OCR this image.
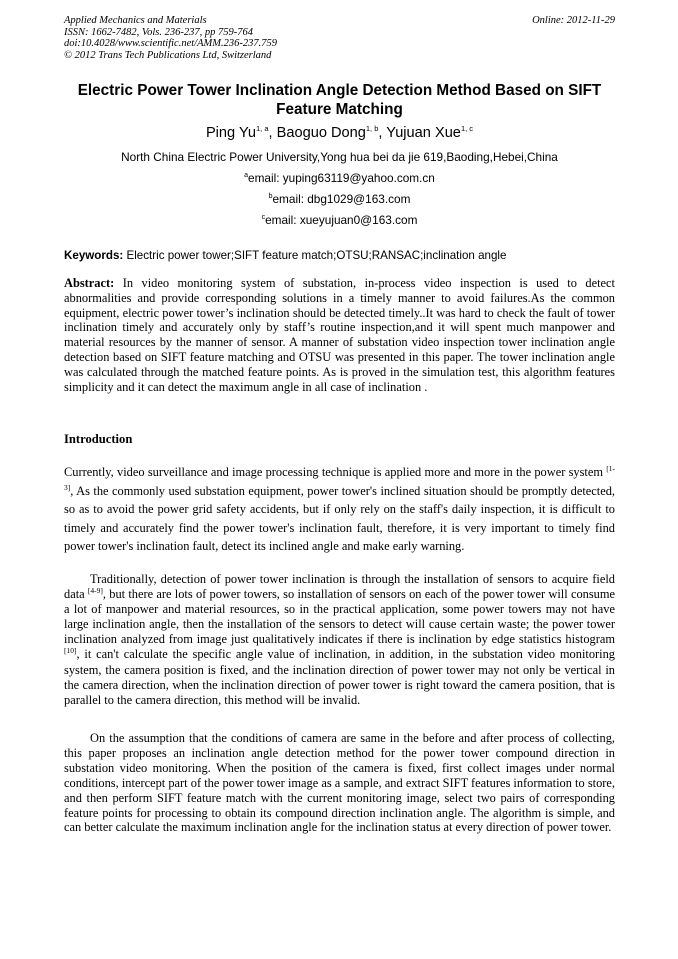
Applied Mechanics and Materials
ISSN: 1662-7482, Vols. 236-237, pp 759-764
doi:10.4028/www.scientific.net/AMM.236-237.759
© 2012 Trans Tech Publications Ltd, Switzerland
Online: 2012-11-29
Electric Power Tower Inclination Angle Detection Method Based on SIFT Feature Matching
Ping Yu$^{1, a}$, Baoguo Dong$^{1, b}$, Yujuan Xue$^{1, c}$
North China Electric Power University,Yong hua bei da jie 619,Baoding,Hebei,China
$^a$email: yuping63119@yahoo.com.cn
$^b$email: dbg1029@163.com
$^c$email: xueyujuan0@163.com
Keywords: Electric power tower;SIFT feature match;OTSU;RANSAC;inclination angle
Abstract: In video monitoring system of substation, in-process video inspection is used to detect abnormalities and provide corresponding solutions in a timely manner to avoid failures.As the common equipment, electric power tower’s inclination should be detected timely..It was hard to check the fault of tower inclination timely and accurately only by staff’s routine inspection,and it will spent much manpower and material resources by the manner of sensor. A manner of substation video inspection tower inclination angle detection based on SIFT feature matching and OTSU was presented in this paper. The tower inclination angle was calculated through the matched feature points. As is proved in the simulation test, this algorithm features simplicity and it can detect the maximum angle in all case of inclination .
Introduction
Currently, video surveillance and image processing technique is applied more and more in the power system [1-3], As the commonly used substation equipment, power tower's inclined situation should be promptly detected, so as to avoid the power grid safety accidents, but if only rely on the staff's daily inspection, it is difficult to timely and accurately find the power tower's inclination fault, therefore, it is very important to timely find power tower's inclination fault, detect its inclined angle and make early warning.
Traditionally, detection of power tower inclination is through the installation of sensors to acquire field data [4-9], but there are lots of power towers, so installation of sensors on each of the power tower will consume a lot of manpower and material resources, so in the practical application, some power towers may not have large inclination angle, then the installation of the sensors to detect will cause certain waste; the power tower inclination analyzed from image just qualitatively indicates if there is inclination by edge statistics histogram [10], it can't calculate the specific angle value of inclination, in addition, in the substation video monitoring system, the camera position is fixed, and the inclination direction of power tower may not only be vertical in the camera direction, when the inclination direction of power tower is right toward the camera position, that is parallel to the camera direction, this method will be invalid.
On the assumption that the conditions of camera are same in the before and after process of collecting, this paper proposes an inclination angle detection method for the power tower compound direction in substation video monitoring. When the position of the camera is fixed, first collect images under normal conditions, intercept part of the power tower image as a sample, and extract SIFT features information to store, and then perform SIFT feature match with the current monitoring image, select two pairs of corresponding feature points for processing to obtain its compound direction inclination angle. The algorithm is simple, and can better calculate the maximum inclination angle for the inclination status at every direction of power tower.
